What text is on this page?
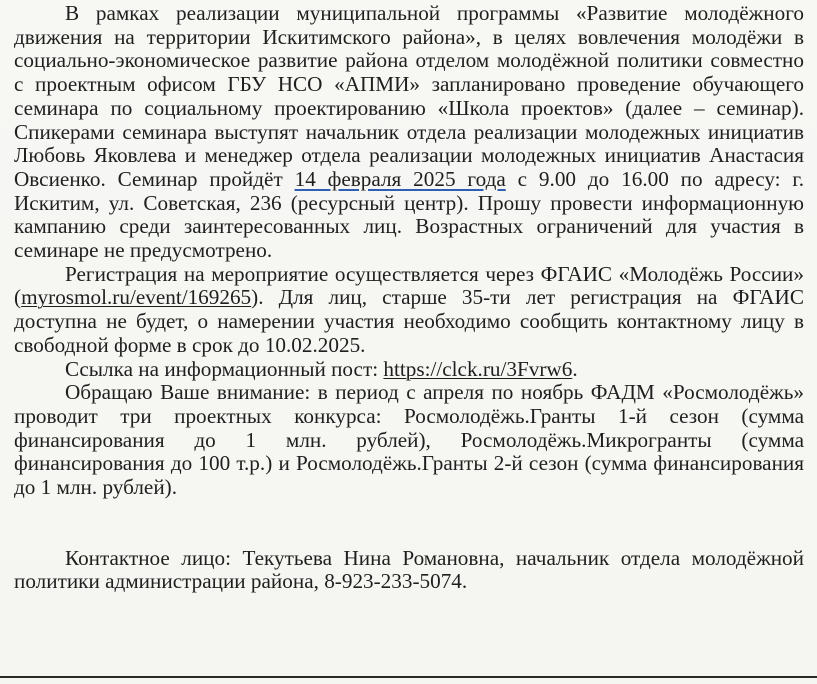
В рамках реализации муниципальной программы «Развитие молодёжного движения на территории Искитимского района», в целях вовлечения молодёжи в социально-экономическое развитие района отделом молодёжной политики совместно с проектным офисом ГБУ НСО «АПМИ» запланировано проведение обучающего семинара по социальному проектированию «Школа проектов» (далее – семинар). Спикерами семинара выступят начальник отдела реализации молодежных инициатив Любовь Яковлева и менеджер отдела реализации молодежных инициатив Анастасия Овсиенко. Семинар пройдёт 14 февраля 2025 года с 9.00 до 16.00 по адресу: г. Искитим, ул. Советская, 236 (ресурсный центр). Прошу провести информационную кампанию среди заинтересованных лиц. Возрастных ограничений для участия в семинаре не предусмотрено.

Регистрация на мероприятие осуществляется через ФГАИС «Молодёжь России» (myrosmol.ru/event/169265). Для лиц, старше 35-ти лет регистрация на ФГАИС доступна не будет, о намерении участия необходимо сообщить контактному лицу в свободной форме в срок до 10.02.2025.

Ссылка на информационный пост: https://clck.ru/3Fvrw6.

Обращаю Ваше внимание: в период с апреля по ноябрь ФАДМ «Росмолодёжь» проводит три проектных конкурса: Росмолодёжь.Гранты 1-й сезон (сумма финансирования до 1 млн. рублей), Росмолодёжь.Микрогранты (сумма финансирования до 100 т.р.) и Росмолодёжь.Гранты 2-й сезон (сумма финансирования до 1 млн. рублей).

Контактное лицо: Текутьева Нина Романовна, начальник отдела молодёжной политики администрации района, 8-923-233-5074.
